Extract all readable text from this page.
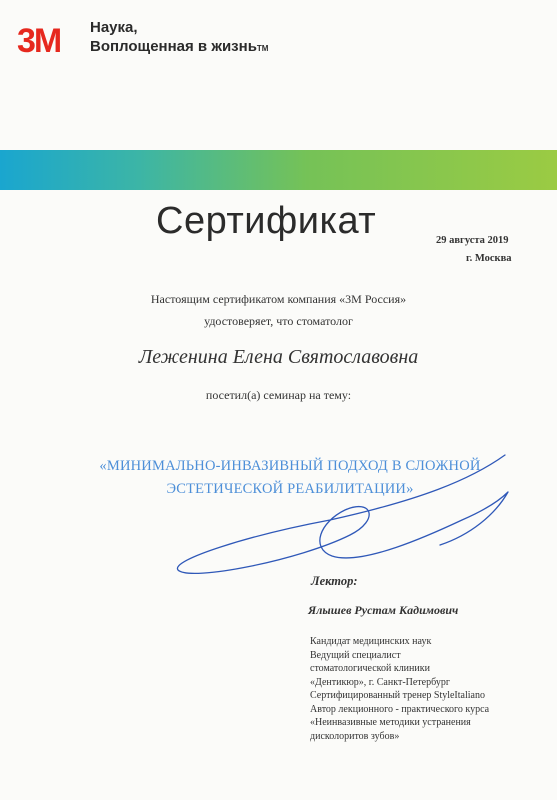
3M Наука,
Воплощенная в жизнь™
Сертификат	29 августа 2019
г. Москва
Настоящим сертификатом компания «3М Россия»
удостоверяет, что стоматолог
Леженина Елена Святославовна
посетил(а) семинар на тему:
«МИНИМАЛЬНО-ИНВАЗИВНЫЙ ПОДХОД В СЛОЖНОЙ
ЭСТЕТИЧЕСКОЙ РЕАБИЛИТАЦИИ»
Лектор:
Ялышев Рустам Кадимович
Кандидат медицинских наук
Ведущий специалист
стоматологической клиники
«Дентикюр», г. Санкт-Петербург
Сертифицированный тренер StyleItaliano
Автор лекционного - практического курса
«Неинвазивные методики устранения
дисколоритов зубов»
